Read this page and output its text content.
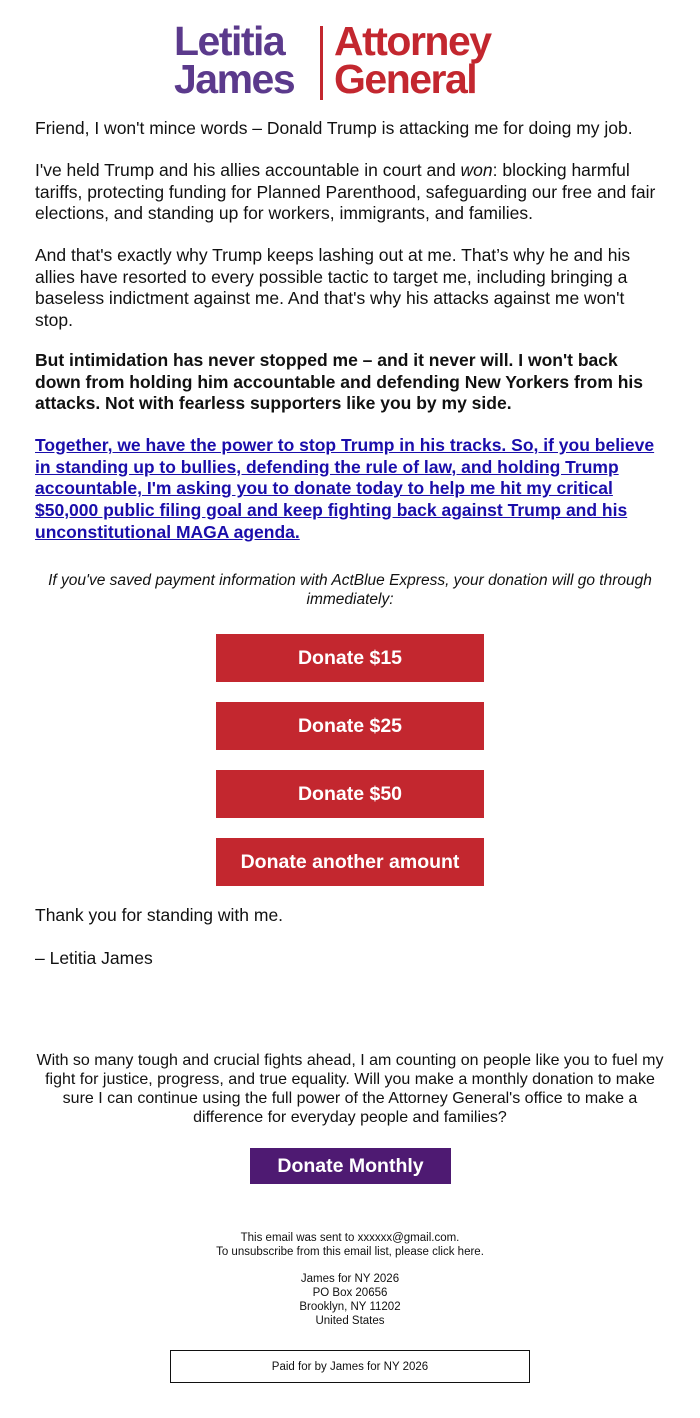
Letitia
James
Attorney
General

Friend, I won't mince words – Donald Trump is attacking me for doing my job.

I've held Trump and his allies accountable in court and won: blocking harmful tariffs, protecting funding for Planned Parenthood, safeguarding our free and fair elections, and standing up for workers, immigrants, and families.

And that's exactly why Trump keeps lashing out at me. That’s why he and his allies have resorted to every possible tactic to target me, including bringing a baseless indictment against me. And that's why his attacks against me won't stop.

But intimidation has never stopped me – and it never will. I won't back down from holding him accountable and defending New Yorkers from his attacks. Not with fearless supporters like you by my side.

Together, we have the power to stop Trump in his tracks. So, if you believe in standing up to bullies, defending the rule of law, and holding Trump accountable, I'm asking you to donate today to help me hit my critical $50,000 public filing goal and keep fighting back against Trump and his unconstitutional MAGA agenda.

If you've saved payment information with ActBlue Express, your donation will go through immediately:

Donate $15
Donate $25
Donate $50
Donate another amount

Thank you for standing with me.

– Letitia James

With so many tough and crucial fights ahead, I am counting on people like you to fuel my fight for justice, progress, and true equality. Will you make a monthly donation to make sure I can continue using the full power of the Attorney General's office to make a difference for everyday people and families?

Donate Monthly

This email was sent to xxxxxx@gmail.com.

To unsubscribe from this email list, please click here.

James for NY 2026

PO Box 20656

Brooklyn, NY 11202

United States

Paid for by James for NY 2026
